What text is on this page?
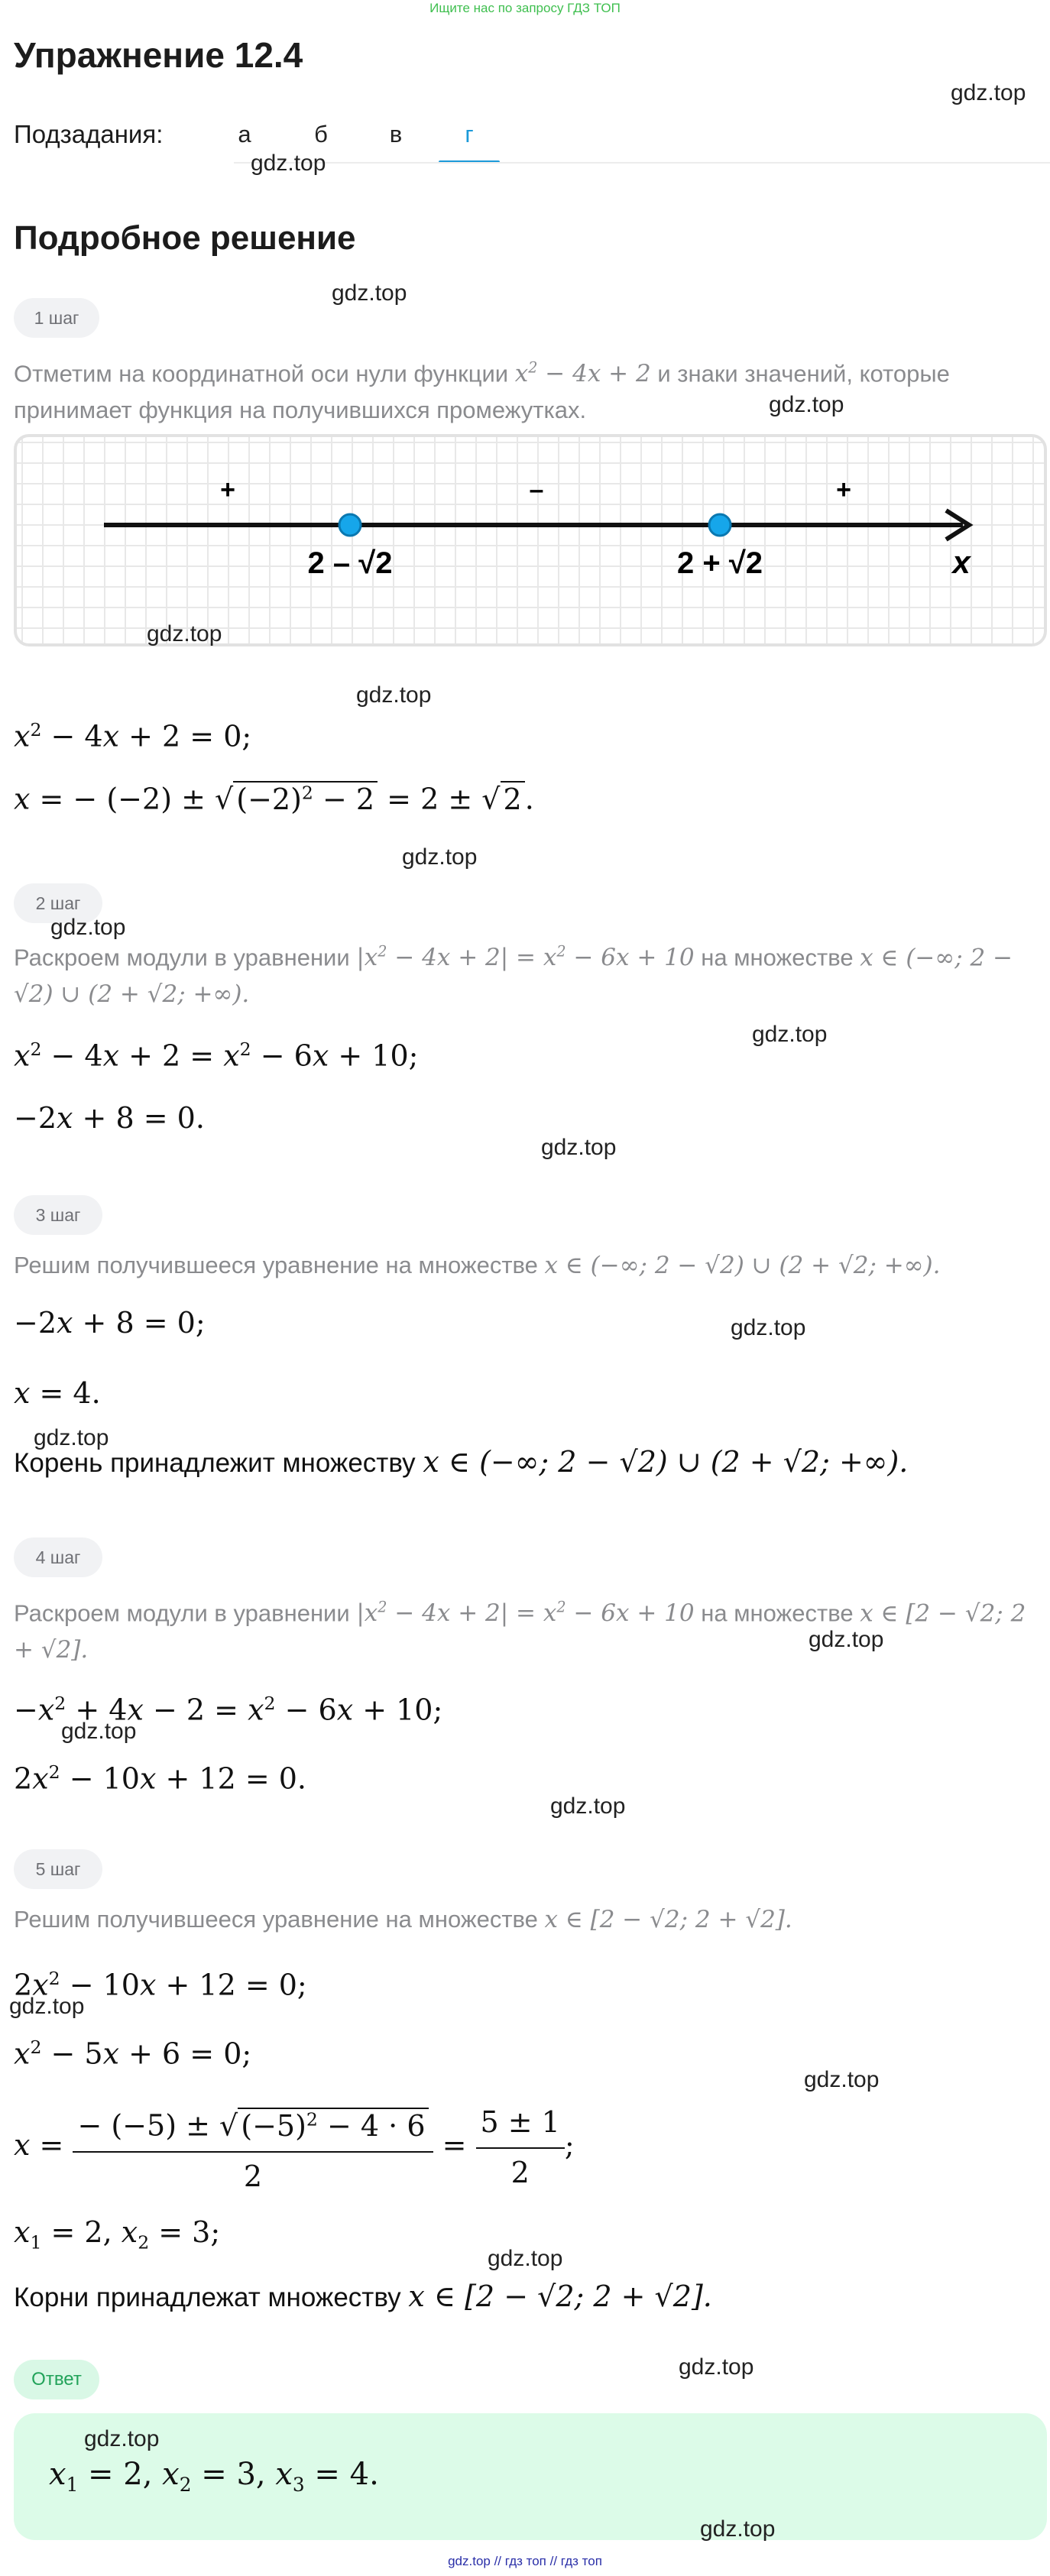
Ищите нас по запросу ГДЗ ТОП
Упражнение 12.4
Подзадания:	а	б	в	г
Подробное решение
1 шаг
Отметим на координатной оси нули функции $x^2 - 4x + 2$ и знаки значений, которые принимает функция на получившихся промежутках.
+	–	+
2 – √2	2 + √2	x
$x^2 - 4x + 2 = 0$;
x = − (−2) ± √ $(-2)^2 - 2 = 2$ ± √ 2 .
2 шаг
Раскроем модули в уравнении $|x^2 - 4x + 2| = x^2 - 6x + 10$ на множестве x ∈ (−∞; 2 − √2) ∪ (2 + √2; +∞).
$x^2 - 4x + 2 = x^2 - 6x + 10$;
−2x + 8 = 0.
3 шаг
Решим получившееся уравнение на множестве x ∈ (−∞; 2 − √2) ∪ (2 + √2; +∞).
−2x + 8 = 0;
x = 4.
Корень принадлежит множеству x ∈ (−∞; 2 − √2) ∪ (2 + √2; +∞).
4 шаг
Раскроем модули в уравнении $|x^2 - 4x + 2| = x^2 - 6x + 10$ на множестве x ∈ [2 − √2; 2 + √2].
$-x^2 + 4x - 2 = x^2 - 6x + 10$;
$2x^2 - 10x + 12 = 0$.
5 шаг
Решим получившееся уравнение на множестве x ∈ [2 − √2; 2 + √2].
$2x^2 - 10x + 12 = 0$;
$x^2 - 5x + 6 = 0$;
$x = \frac{- (-5) \pm √ (-5)^2 - 4 \cdot 6}{2} = \frac{5 \pm 1}{2}$ ;
$x_1 = 2$, $x_2 = 3$;
Корни принадлежат множеству x ∈ [2 − √2; 2 + √2].
Ответ
$x_1 = 2$, $x_2 = 3$, $x_3 = 4$.
gdz.top
gdz.top
gdz.top
gdz.top
gdz.top
gdz.top
gdz.top
gdz.top
gdz.top
gdz.top
gdz.top
gdz.top
gdz.top
gdz.top
gdz.top
gdz.top
gdz.top
gdz.top
gdz.top
gdz.top
gdz.top
gdz.top // гдз топ // гдз топ
